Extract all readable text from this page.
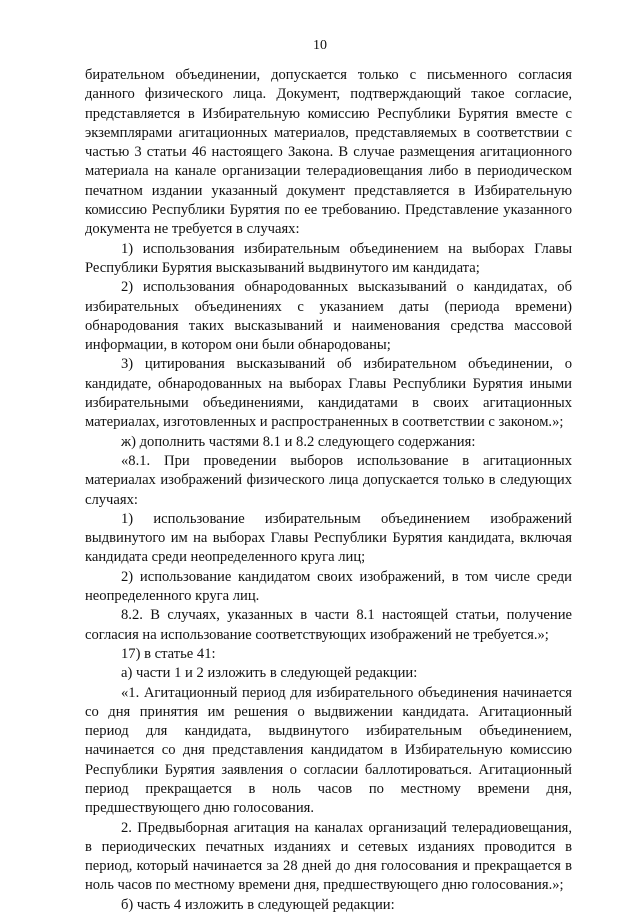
10

бирательном объединении, допускается только с письменного согласия данного физического лица. Документ, подтверждающий такое согласие, представляется в Избирательную комиссию Республики Бурятия вместе с экземплярами агитационных материалов, представляемых в соответствии с частью 3 статьи 46 настоящего Закона. В случае размещения агитационного материала на канале организации телерадиовещания либо в периодическом печатном издании указанный документ представляется в Избирательную комиссию Республики Бурятия по ее требованию. Представление указанного документа не требуется в случаях:

1) использования избирательным объединением на выборах Главы Республики Бурятия высказываний выдвинутого им кандидата;

2) использования обнародованных высказываний о кандидатах, об избирательных объединениях с указанием даты (периода времени) обнародования таких высказываний и наименования средства массовой информации, в котором они были обнародованы;

3) цитирования высказываний об избирательном объединении, о кандидате, обнародованных на выборах Главы Республики Бурятия иными избирательными объединениями, кандидатами в своих агитационных материалах, изготовленных и распространенных в соответствии с законом.»;

ж) дополнить частями 8.1 и 8.2 следующего содержания:

«8.1. При проведении выборов использование в агитационных материалах изображений физического лица допускается только в следующих случаях:

1) использование избирательным объединением изображений выдвинутого им на выборах Главы Республики Бурятия кандидата, включая кандидата среди неопределенного круга лиц;

2) использование кандидатом своих изображений, в том числе среди неопределенного круга лиц.

8.2. В случаях, указанных в части 8.1 настоящей статьи, получение согласия на использование соответствующих изображений не требуется.»;

17) в статье 41:

а) части 1 и 2 изложить в следующей редакции:

«1. Агитационный период для избирательного объединения начинается со дня принятия им решения о выдвижении кандидата. Агитационный период для кандидата, выдвинутого избирательным объединением, начинается со дня представления кандидатом в Избирательную комиссию Республики Бурятия заявления о согласии баллотироваться. Агитационный период прекращается в ноль часов по местному времени дня, предшествующего дню голосования.

2. Предвыборная агитация на каналах организаций телерадиовещания, в периодических печатных изданиях и сетевых изданиях проводится в период, который начинается за 28 дней до дня голосования и прекращается в ноль часов по местному времени дня, предшествующего дню голосования.»;

б) часть 4 изложить в следующей редакции:
